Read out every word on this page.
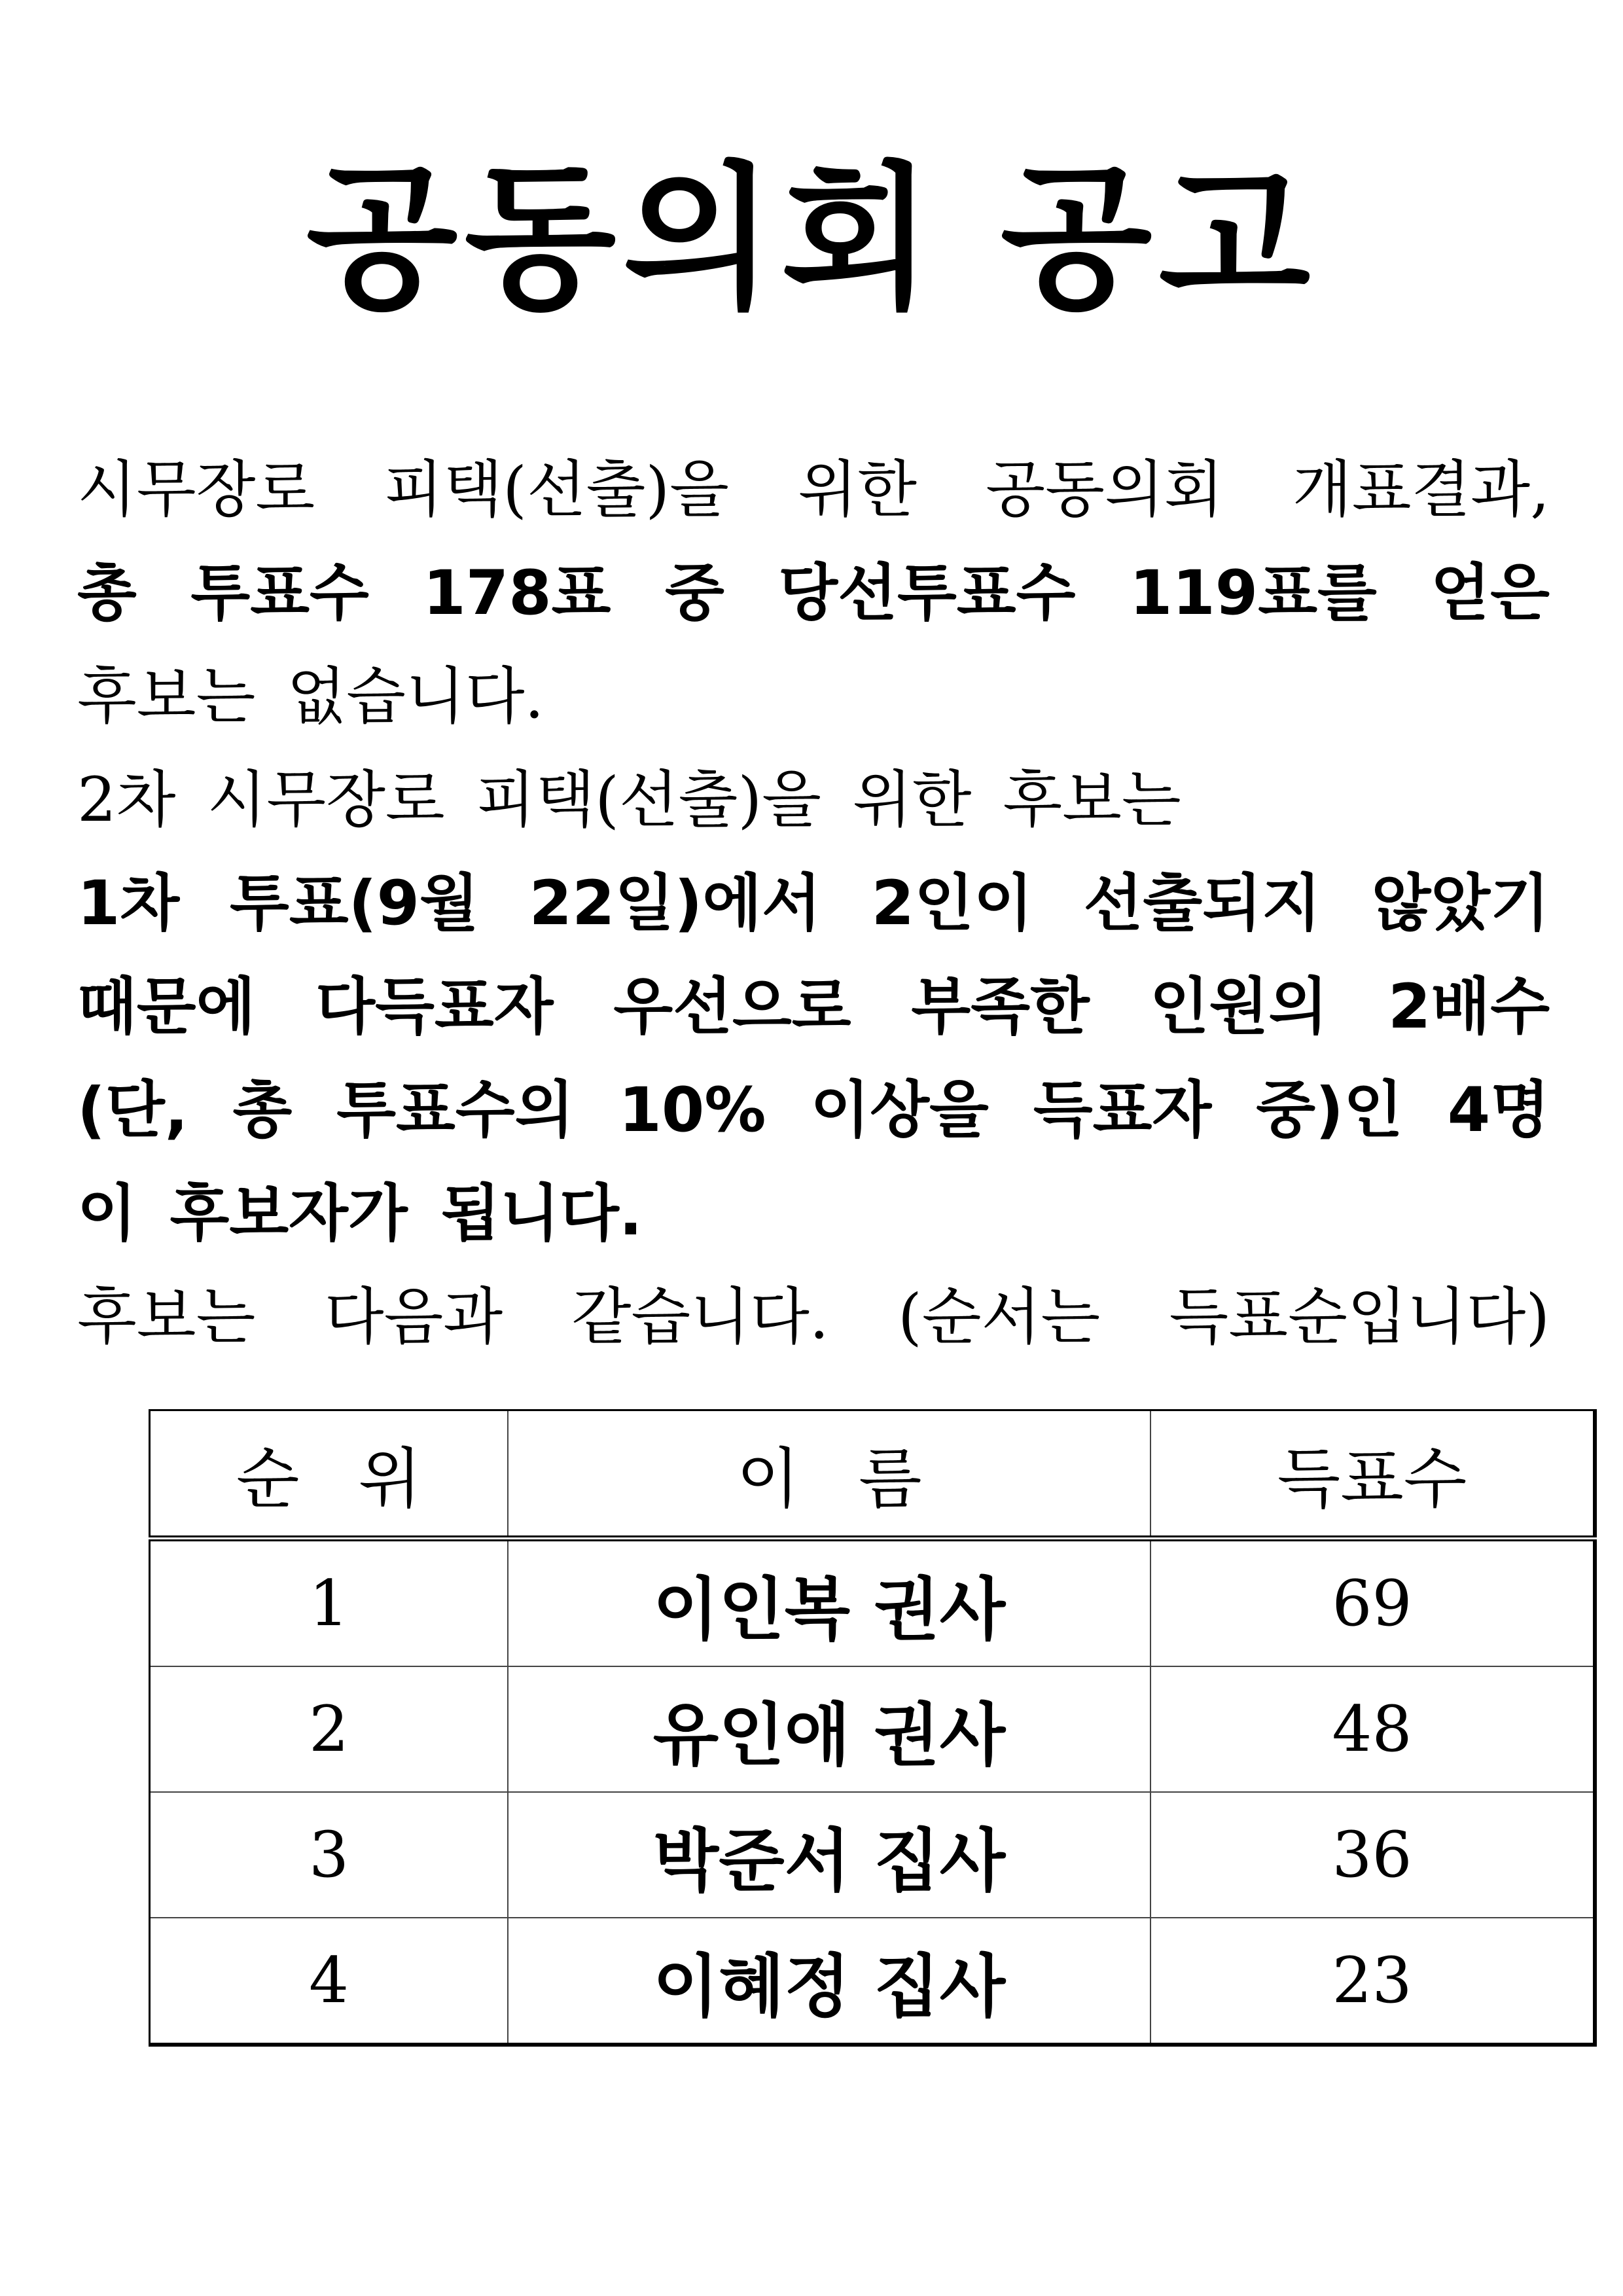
공동의회 공고
시무장로 피택(선출)을 위한 공동의회 개표결과,
총 투표수 178표 중 당선투표수 119표를 얻은
후보는 없습니다.
2차 시무장로 피택(선출)을 위한 후보는
1차 투표(9월 22일)에서 2인이 선출되지 않았기
때문에 다득표자 우선으로 부족한 인원의 2배수
(단, 총 투표수의 10% 이상을 득표자 중)인 4명
이 후보자가 됩니다.
후보는 다음과 같습니다. (순서는 득표순입니다)
순위	이름	득표수
1	이인복 권사	69
2	유인애 권사	48
3	박준서 집사	36
4	이혜정 집사	23
